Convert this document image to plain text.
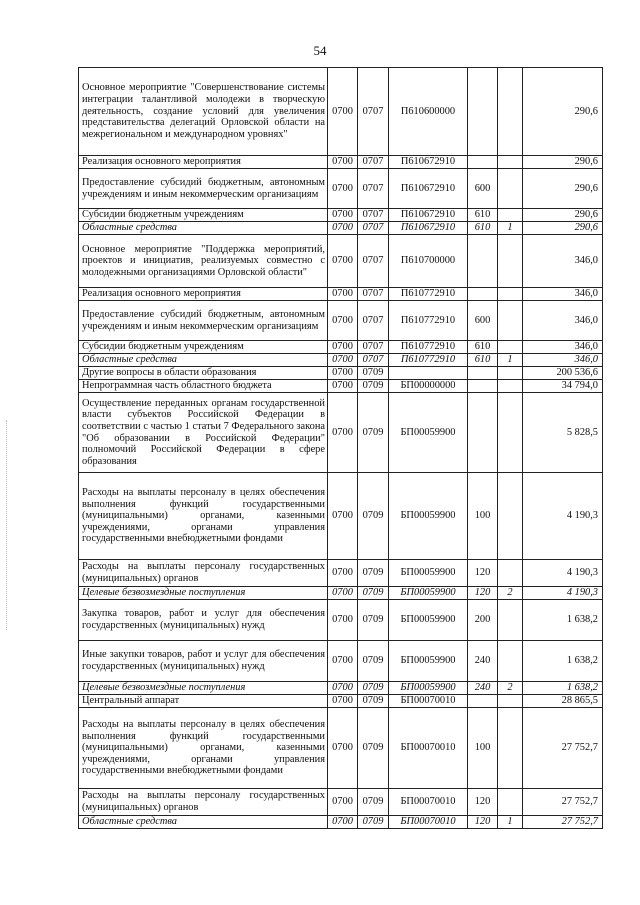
54
Основное мероприятие "Совершенствование системы интеграции талантливой молодежи в творческую деятельность, создание условий для увеличения представительства делегаций Орловской области на межрегиональном и международном уровнях"	0700	0707	П610600000			290,6
Реализация основного мероприятия	0700	0707	П610672910			290,6
Предоставление субсидий бюджетным, автономным учреждениям и иным некоммерческим организациям	0700	0707	П610672910	600		290,6
Субсидии бюджетным учреждениям	0700	0707	П610672910	610		290,6
Областные средства	0700	0707	П610672910	610	1	290,6
Основное мероприятие "Поддержка мероприятий, проектов и инициатив, реализуемых совместно с молодежными организациями Орловской области"	0700	0707	П610700000			346,0
Реализация основного мероприятия	0700	0707	П610772910			346,0
Предоставление субсидий бюджетным, автономным учреждениям и иным некоммерческим организациям	0700	0707	П610772910	600		346,0
Субсидии бюджетным учреждениям	0700	0707	П610772910	610		346,0
Областные средства	0700	0707	П610772910	610	1	346,0
Другие вопросы в области образования	0700	0709				200 536,6
Непрограммная часть областного бюджета	0700	0709	БП00000000			34 794,0
Осуществление переданных органам государственной власти субъектов Российской Федерации в соответствии с частью 1 статьи 7 Федерального закона "Об образовании в Российской Федерации" полномочий Российской Федерации в сфере образования	0700	0709	БП00059900			5 828,5
Расходы на выплаты персоналу в целях обеспечения выполнения функций государственными (муниципальными) органами, казенными учреждениями, органами управления государственными внебюджетными фондами	0700	0709	БП00059900	100		4 190,3
Расходы на выплаты персоналу государственных (муниципальных) органов	0700	0709	БП00059900	120		4 190,3
Целевые безвозмездные поступления	0700	0709	БП00059900	120	2	4 190,3
Закупка товаров, работ и услуг для обеспечения государственных (муниципальных) нужд	0700	0709	БП00059900	200		1 638,2
Иные закупки товаров, работ и услуг для обеспечения государственных (муниципальных) нужд	0700	0709	БП00059900	240		1 638,2
Целевые безвозмездные поступления	0700	0709	БП00059900	240	2	1 638,2
Центральный аппарат	0700	0709	БП00070010			28 865,5
Расходы на выплаты персоналу в целях обеспечения выполнения функций государственными (муниципальными) органами, казенными учреждениями, органами управления государственными внебюджетными фондами	0700	0709	БП00070010	100		27 752,7
Расходы на выплаты персоналу государственных (муниципальных) органов	0700	0709	БП00070010	120		27 752,7
Областные средства	0700	0709	БП00070010	120	1	27 752,7
